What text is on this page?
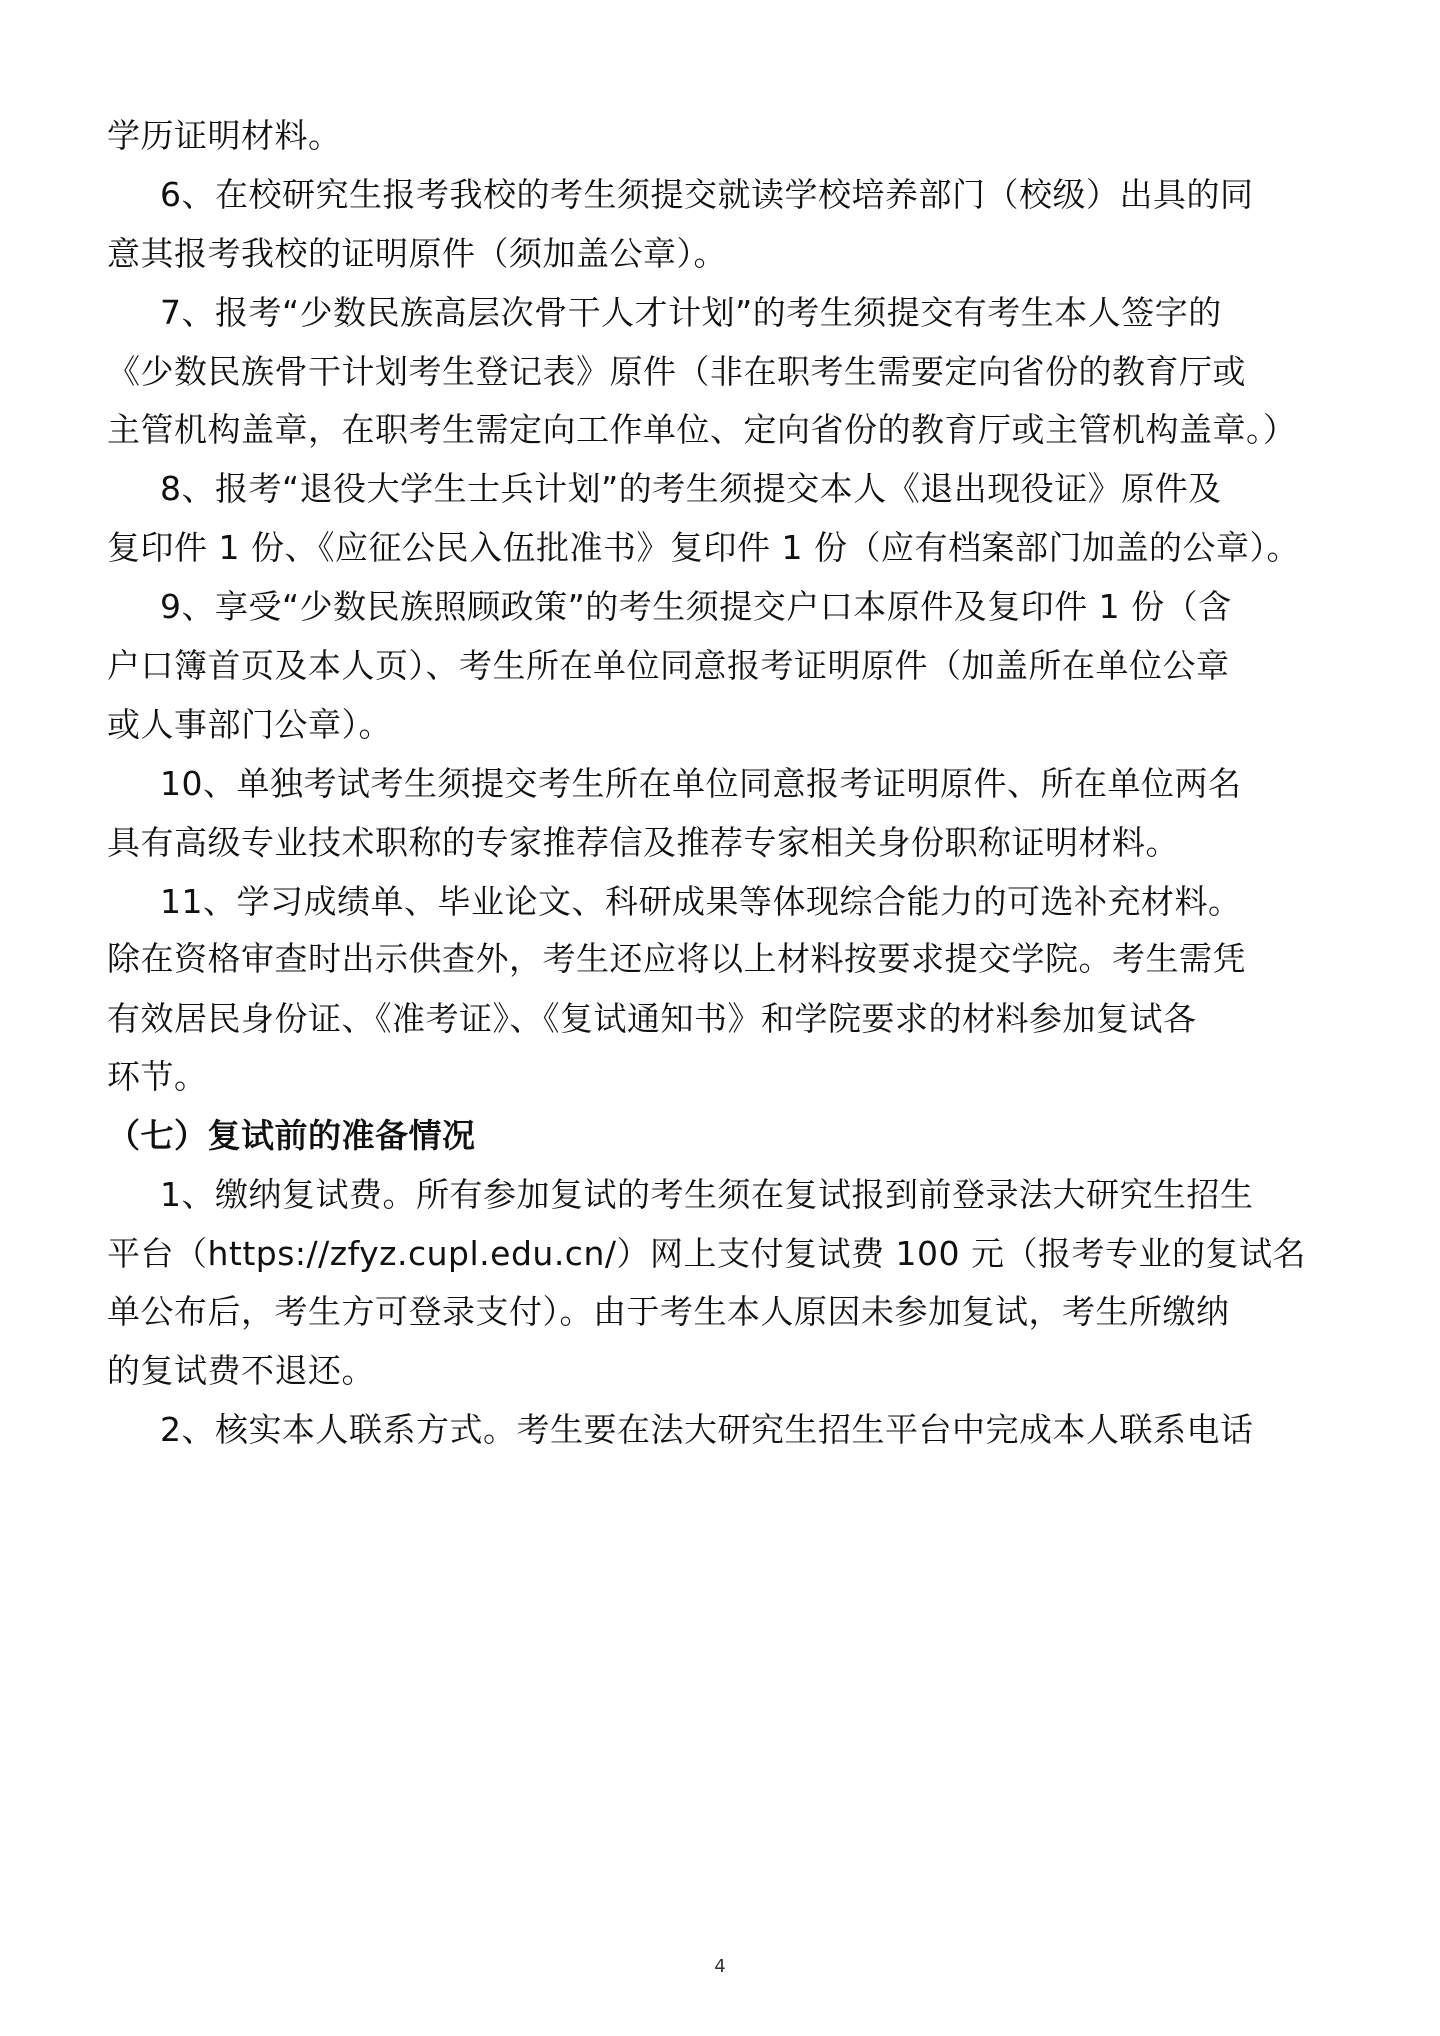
学历证明材料。
6、在校研究生报考我校的考生须提交就读学校培养部门（校级）出具的同
意其报考我校的证明原件（须加盖公章）。
7、报考“少数民族高层次骨干人才计划”的考生须提交有考生本人签字的
《少数民族骨干计划考生登记表》原件（非在职考生需要定向省份的教育厅或
主管机构盖章，在职考生需定向工作单位、定向省份的教育厅或主管机构盖章。）
8、报考“退役大学生士兵计划”的考生须提交本人《退出现役证》原件及
复印件 1 份、《应征公民入伍批准书》复印件 1 份（应有档案部门加盖的公章）。
9、享受“少数民族照顾政策”的考生须提交户口本原件及复印件 1 份（含
户口簿首页及本人页）、考生所在单位同意报考证明原件（加盖所在单位公章
或人事部门公章）。
10、单独考试考生须提交考生所在单位同意报考证明原件、所在单位两名
具有高级专业技术职称的专家推荐信及推荐专家相关身份职称证明材料。
11、学习成绩单、毕业论文、科研成果等体现综合能力的可选补充材料。
除在资格审查时出示供查外，考生还应将以上材料按要求提交学院。考生需凭
有效居民身份证、《准考证》、《复试通知书》和学院要求的材料参加复试各
环节。
（七）复试前的准备情况
1、缴纳复试费。所有参加复试的考生须在复试报到前登录法大研究生招生
平台（https://zfyz.cupl.edu.cn/）网上支付复试费 100 元（报考专业的复试名
单公布后，考生方可登录支付）。由于考生本人原因未参加复试，考生所缴纳
的复试费不退还。
2、核实本人联系方式。考生要在法大研究生招生平台中完成本人联系电话
4
